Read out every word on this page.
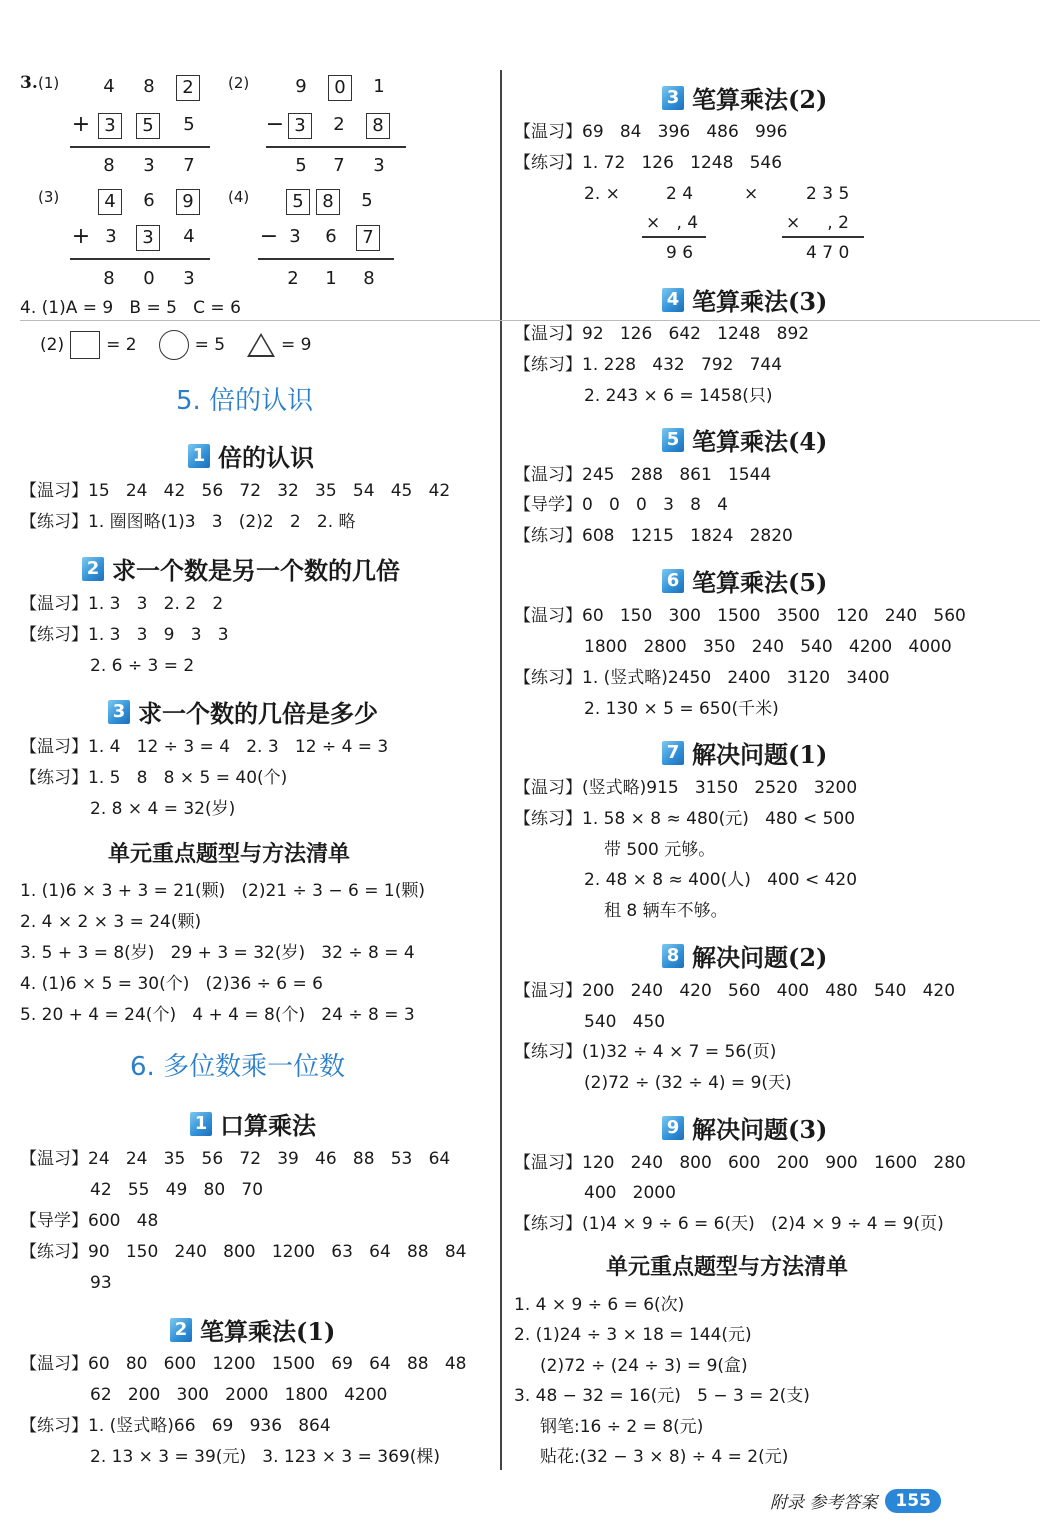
3. (1)	(2)
(3)	(4)
4	8	2
+ 3	5	5
8	3	7
9	0	1
− 3	2	8
5	7	3
4	6	9
+ 3	3	4
8	0	3
5	8	5
− 3	6	7
2	1	8
4. (1)A = 9   B = 5   C = 6
(2) = 2	= 5	= 9
5. 倍的认识
1 倍的认识
【温习】15   24   42   56   72   32   35   54   45   42
【练习】1. 圈图略(1)3   3   (2)2   2   2. 略
2 求一个数是另一个数的几倍
【温习】1. 3   3   2. 2   2
【练习】1. 3   3   9   3   3
2. 6 ÷ 3 = 2
3 求一个数的几倍是多少
【温习】1. 4   12 ÷ 3 = 4   2. 3   12 ÷ 4 = 3
【练习】1. 5   8   8 × 5 = 40(个)
2. 8 × 4 = 32(岁)
单元重点题型与方法清单
1. (1)6 × 3 + 3 = 21(颗)   (2)21 ÷ 3 − 6 = 1(颗)
2. 4 × 2 × 3 = 24(颗)
3. 5 + 3 = 8(岁)   29 + 3 = 32(岁)   32 ÷ 8 = 4
4. (1)6 × 5 = 30(个)   (2)36 ÷ 6 = 6
5. 20 + 4 = 24(个)   4 + 4 = 8(个)   24 ÷ 8 = 3
6. 多位数乘一位数
1 口算乘法
【温习】24   24   35   56   72   39   46   88   53   64
42   55   49   80   70
【导学】600   48
【练习】90   150   240   800   1200   63   64   88   84
93
2 笔算乘法(1)
【温习】60   80   600   1200   1500   69   64   88   48
62   200   300   2000   1800   4200
【练习】1. (竖式略)66   69   936   864
2. 13 × 3 = 39(元)   3. 123 × 3 = 369(棵)
3 笔算乘法(2)
【温习】69   84   396   486   996
【练习】1. 72   126   1248   546
2. ×	×
2 4
×   , 4
9 6
2 3 5
×     , 2
4 7 0
4 笔算乘法(3)
【温习】92   126   642   1248   892
【练习】1. 228   432   792   744
2. 243 × 6 = 1458(只)
5 笔算乘法(4)
【温习】245   288   861   1544
【导学】0   0   0   3   8   4
【练习】608   1215   1824   2820
6 笔算乘法(5)
【温习】60   150   300   1500   3500   120   240   560
1800   2800   350   240   540   4200   4000
【练习】1. (竖式略)2450   2400   3120   3400
2. 130 × 5 = 650(千米)
7 解决问题(1)
【温习】(竖式略)915   3150   2520   3200
【练习】1. 58 × 8 ≈ 480(元)   480 < 500
带 500 元够。
2. 48 × 8 ≈ 400(人)   400 < 420
租 8 辆车不够。
8 解决问题(2)
【温习】200   240   420   560   400   480   540   420
540   450
【练习】(1)32 ÷ 4 × 7 = 56(页)
(2)72 ÷ (32 ÷ 4) = 9(天)
9 解决问题(3)
【温习】120   240   800   600   200   900   1600   280
400   2000
【练习】(1)4 × 9 ÷ 6 = 6(天)   (2)4 × 9 ÷ 4 = 9(页)
单元重点题型与方法清单
1. 4 × 9 ÷ 6 = 6(次)
2. (1)24 ÷ 3 × 18 = 144(元)
(2)72 ÷ (24 ÷ 3) = 9(盒)
3. 48 − 32 = 16(元)   5 − 3 = 2(支)
钢笔:16 ÷ 2 = 8(元)
贴花:(32 − 3 × 8) ÷ 4 = 2(元)
附录 参考答案	155
